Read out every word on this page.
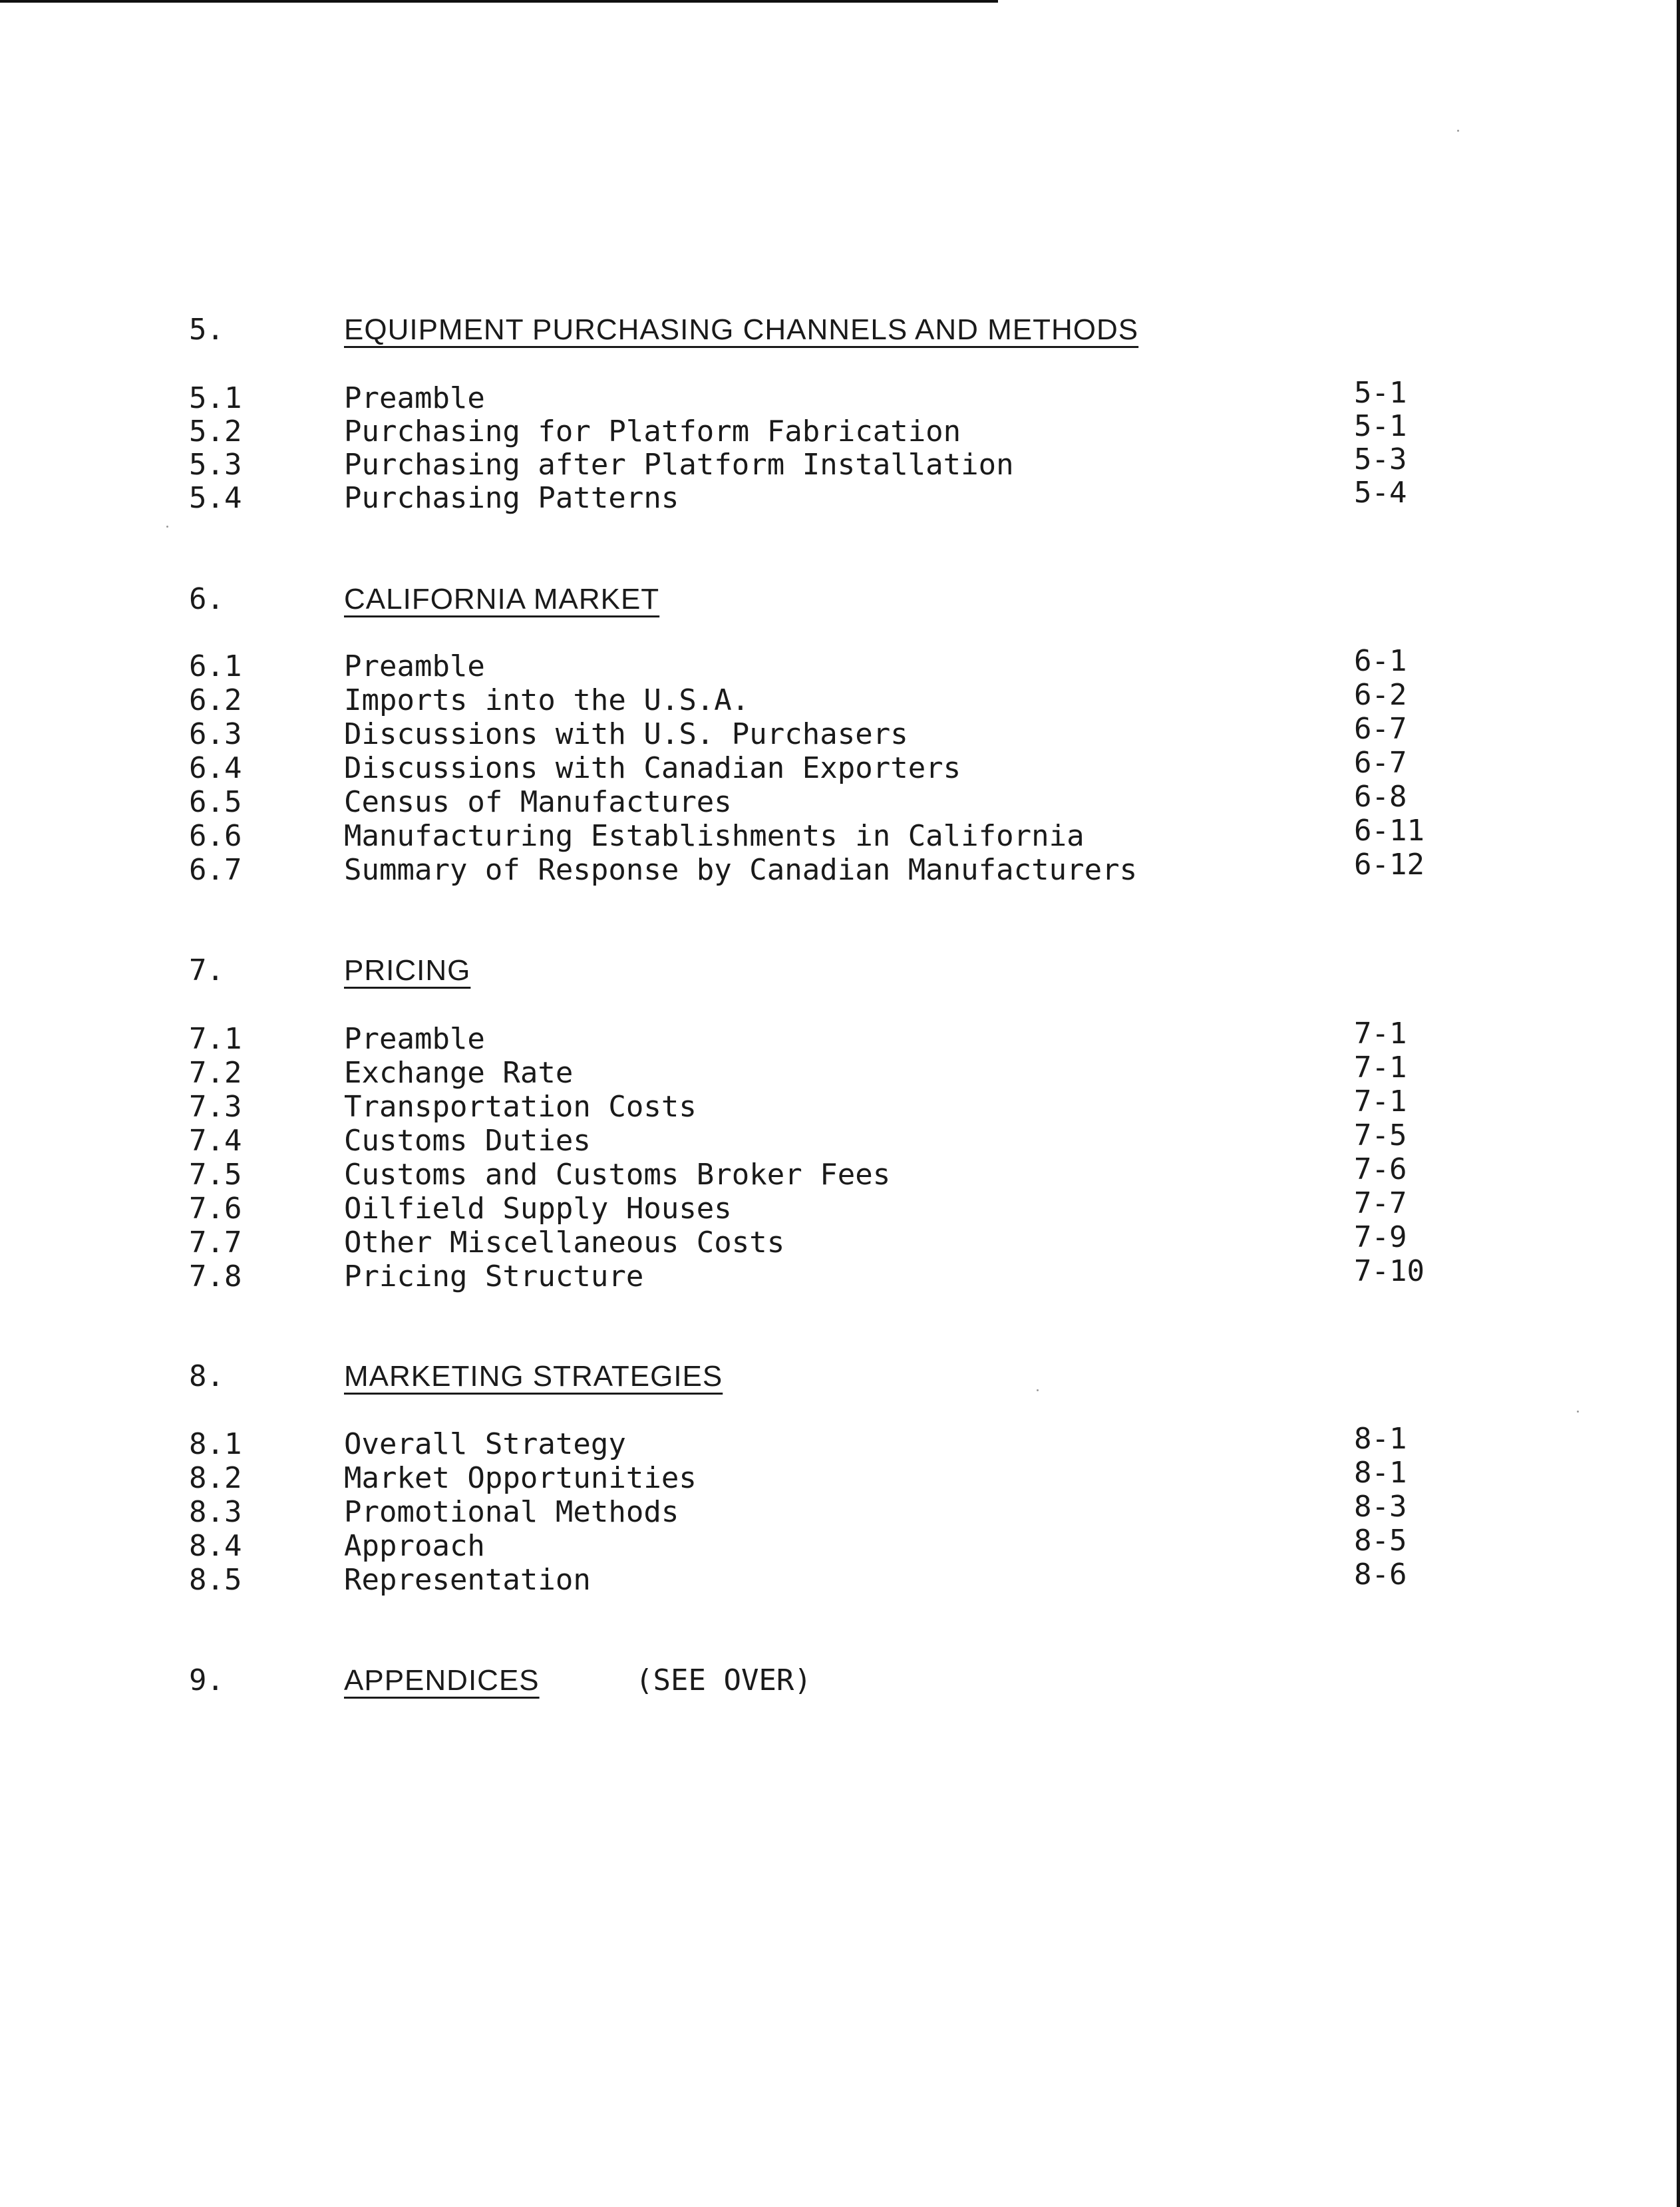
5.	EQUIPMENT PURCHASING CHANNELS AND METHODS
5.1	Preamble	5-1
5.2	Purchasing for Platform Fabrication	5-1
5.3	Purchasing after Platform Installation	5-3
5.4	Purchasing Patterns	5-4
6.	CALIFORNIA MARKET
6.1	Preamble	6-1
6.2	Imports into the U.S.A.	6-2
6.3	Discussions with U.S. Purchasers	6-7
6.4	Discussions with Canadian Exporters	6-7
6.5	Census of Manufactures	6-8
6.6	Manufacturing Establishments in California	6-11
6.7	Summary of Response by Canadian Manufacturers	6-12
7.	PRICING
7.1	Preamble	7-1
7.2	Exchange Rate	7-1
7.3	Transportation Costs	7-1
7.4	Customs Duties	7-5
7.5	Customs and Customs Broker Fees	7-6
7.6	Oilfield Supply Houses	7-7
7.7	Other Miscellaneous Costs	7-9
7.8	Pricing Structure	7-10
8.	MARKETING STRATEGIES
8.1	Overall Strategy	8-1
8.2	Market Opportunities	8-1
8.3	Promotional Methods	8-3
8.4	Approach	8-5
8.5	Representation	8-6
9.	APPENDICES	(SEE OVER)
